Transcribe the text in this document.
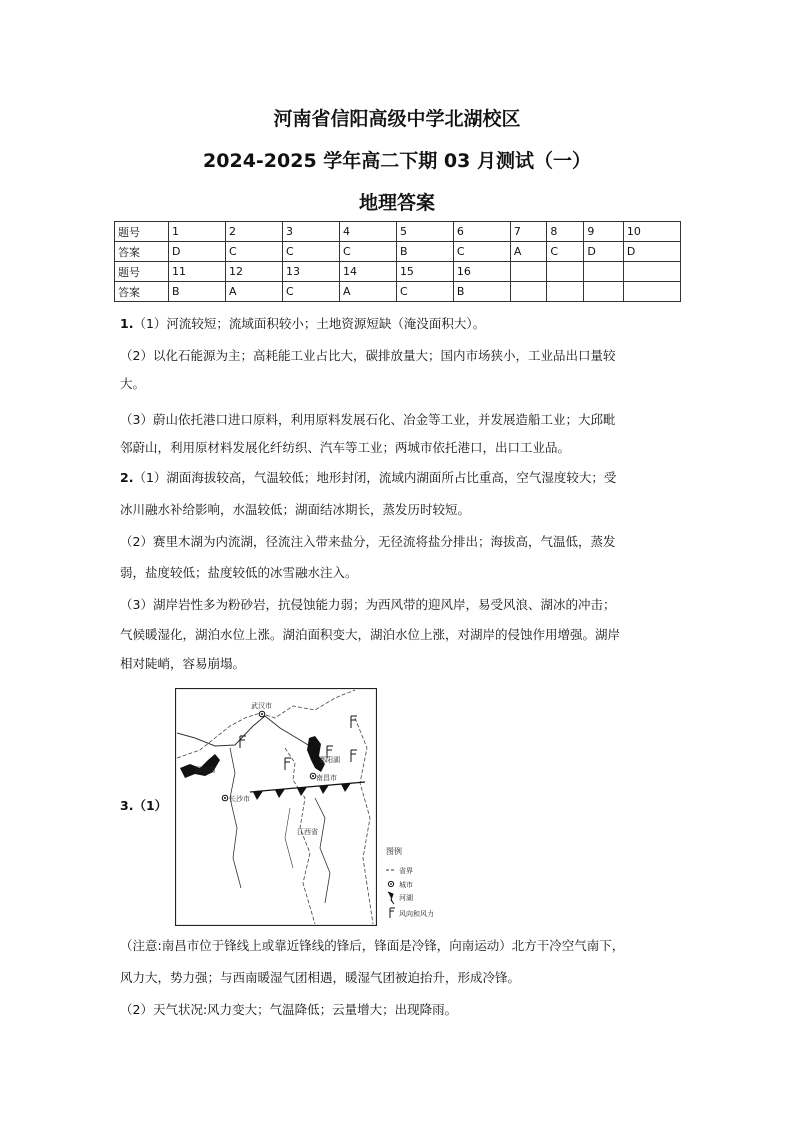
河南省信阳高级中学北湖校区
2024-2025 学年高二下期 03 月测试（一）
地理答案
题号	1	2	3	4	5	6	7	8	9	10
答案	D	C	C	C	B	C	A	C	D	D
题号	11	12	13	14	15	16				
答案	B	A	C	A	C	B				
1.（1）河流较短；流域面积较小；土地资源短缺（淹没面积大）。
（2）以化石能源为主；高耗能工业占比大，碳排放量大；国内市场狭小，工业品出口量较
大。
（3）蔚山依托港口进口原料，利用原料发展石化、冶金等工业，并发展造船工业；大邱毗
邻蔚山，利用原材料发展化纤纺织、汽车等工业；两城市依托港口，出口工业品。
2.（1）湖面海拔较高，气温较低；地形封闭，流域内湖面所占比重高，空气湿度较大；受
冰川融水补给影响，水温较低；湖面结冰期长，蒸发历时较短。
（2）赛里木湖为内流湖，径流注入带来盐分，无径流将盐分排出；海拔高，气温低，蒸发
弱，盐度较低；盐度较低的冰雪融水注入。
（3）湖岸岩性多为粉砂岩，抗侵蚀能力弱；为西风带的迎风岸，易受风浪、湖冰的冲击；
气候暖湿化，湖泊水位上涨。湖泊面积变大，湖泊水位上涨，对湖岸的侵蚀作用增强。湖岸
相对陡峭，容易崩塌。
3.（1）
武汉市
洞庭湖
鄱阳湖
南昌市
长沙市
江西省
省界
城市
河湖
风向和风力
图例
（注意:南昌市位于锋线上或靠近锋线的锋后，锋面是冷锋，向南运动）北方干冷空气南下，
风力大，势力强；与西南暖湿气团相遇，暖湿气团被迫抬升，形成冷锋。
（2）天气状况:风力变大；气温降低；云量增大；出现降雨。
